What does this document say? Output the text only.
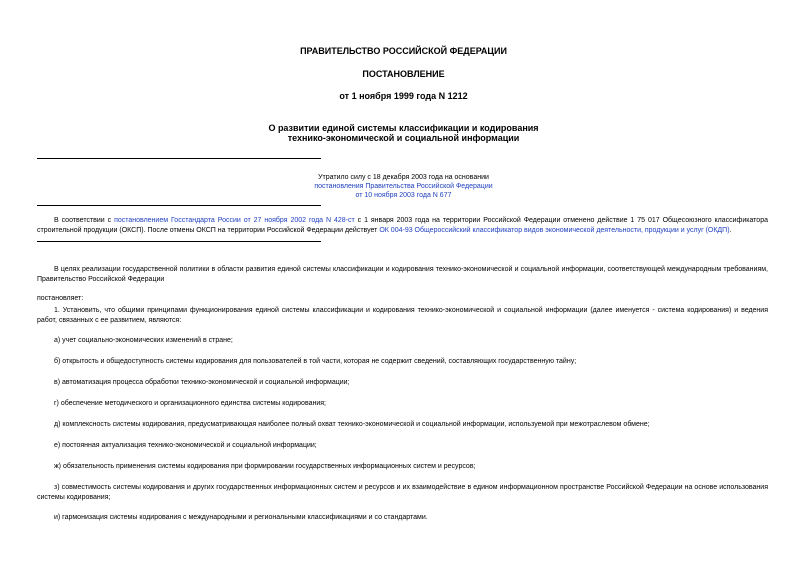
ПРАВИТЕЛЬСТВО РОССИЙСКОЙ ФЕДЕРАЦИИ
ПОСТАНОВЛЕНИЕ
от 1 ноября 1999 года N 1212
О развитии единой системы классификации и кодирования
технико-экономической и социальной информации
Утратило силу с 18 декабря 2003 года на основании
постановления Правительства Российской Федерации
от 10 ноября 2003 года N 677
В соответствии с постановлением Госстандарта России от 27 ноября 2002 года N 428-ст с 1 января 2003 года на территории Российской Федерации отменено действие 1 75 017 Общесоюзного классификатора строительной продукции (ОКСП). После отмены ОКСП на территории Российской Федерации действует ОК 004-93 Общероссийский классификатор видов экономической деятельности, продукции и услуг (ОКДП).
В целях реализации государственной политики в области развития единой системы классификации и кодирования технико-экономической и социальной информации, соответствующей международным требованиям, Правительство Российской Федерации
постановляет:
1. Установить, что общими принципами функционирования единой системы классификации и кодирования технико-экономической и социальной информации (далее именуется - система кодирования) и ведения работ, связанных с ее развитием, являются:
а) учет социально-экономических изменений в стране;
б) открытость и общедоступность системы кодирования для пользователей в той части, которая не содержит сведений, составляющих государственную тайну;
в) автоматизация процесса обработки технико-экономической и социальной информации;
г) обеспечение методического и организационного единства системы кодирования;
д) комплексность системы кодирования, предусматривающая наиболее полный охват технико-экономической и социальной информации, используемой при межотраслевом обмене;
е) постоянная актуализация технико-экономической и социальной информации;
ж) обязательность применения системы кодирования при формировании государственных информационных систем и ресурсов;
з) совместимость системы кодирования и других государственных информационных систем и ресурсов и их взаимодействие в едином информационном пространстве Российской Федерации на основе использования системы кодирования;
и) гармонизация системы кодирования с международными и региональными классификациями и со стандартами.
